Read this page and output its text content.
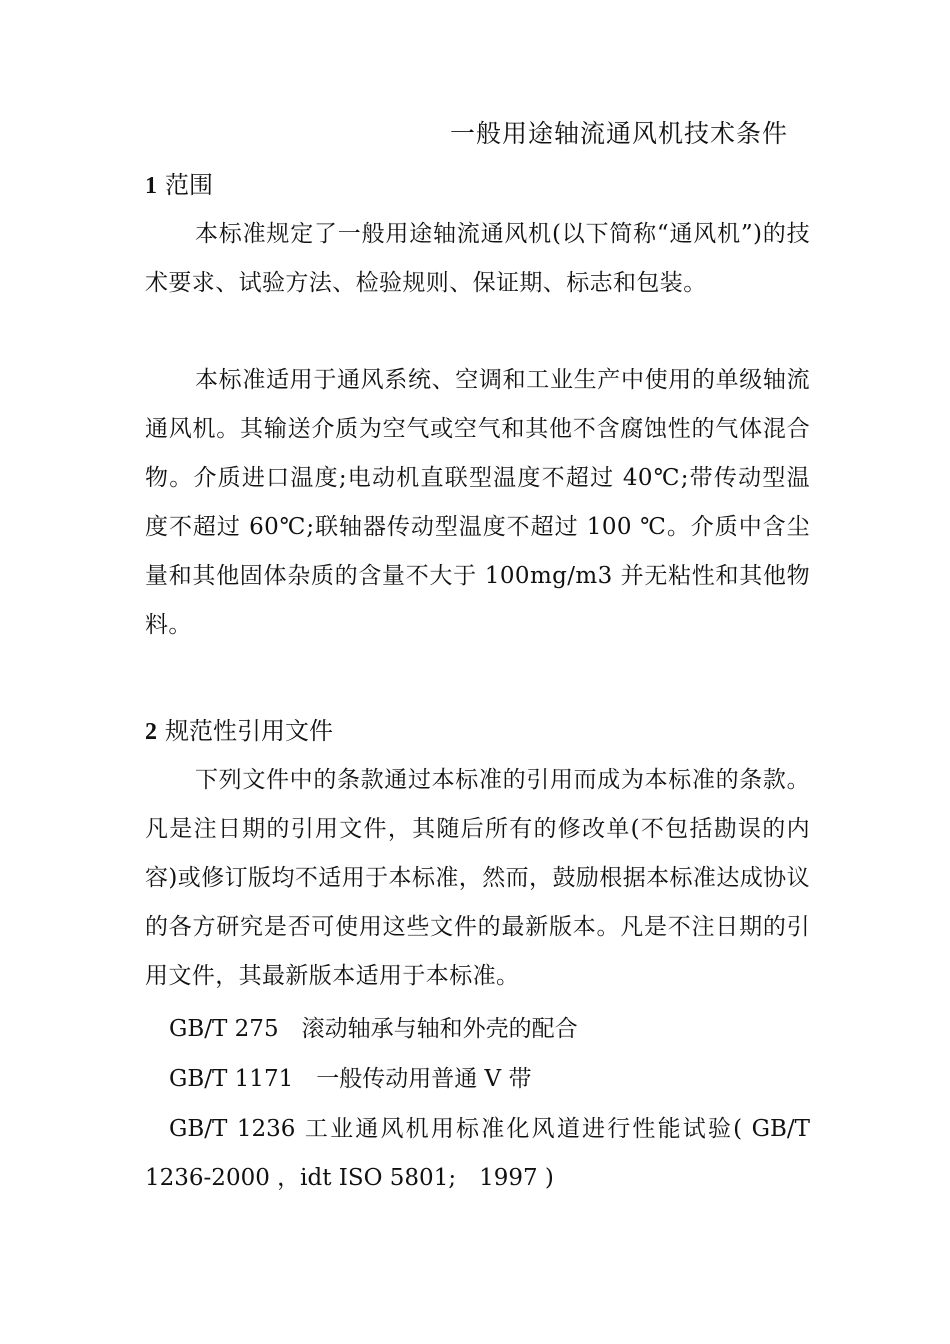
一般用途轴流通风机技术条件
1 范围
本标准规定了一般用途轴流通风机(以下简称“通风机”)的技术要求、试验方法、检验规则、保证期、标志和包装。
本标准适用于通风系统、空调和工业生产中使用的单级轴流通风机。其输送介质为空气或空气和其他不含腐蚀性的气体混合物。介质进口温度;电动机直联型温度不超过 40℃;带传动型温度不超过 60℃;联轴器传动型温度不超过 100 ℃。介质中含尘量和其他固体杂质的含量不大于 100mg/m3 并无粘性和其他物料。
2 规范性引用文件
下列文件中的条款通过本标准的引用而成为本标准的条款。凡是注日期的引用文件，其随后所有的修改单(不包括勘误的内容)或修订版均不适用于本标准，然而，鼓励根据本标准达成协议的各方研究是否可使用这些文件的最新版本。凡是不注日期的引用文件，其最新版本适用于本标准。
GB/T 275　滚动轴承与轴和外壳的配合
GB/T 1171　一般传动用普通 V 带
GB/T 1236 工业通风机用标准化风道进行性能试验( GB/T 1236-2000 ，idt ISO 5801;　1997 )
